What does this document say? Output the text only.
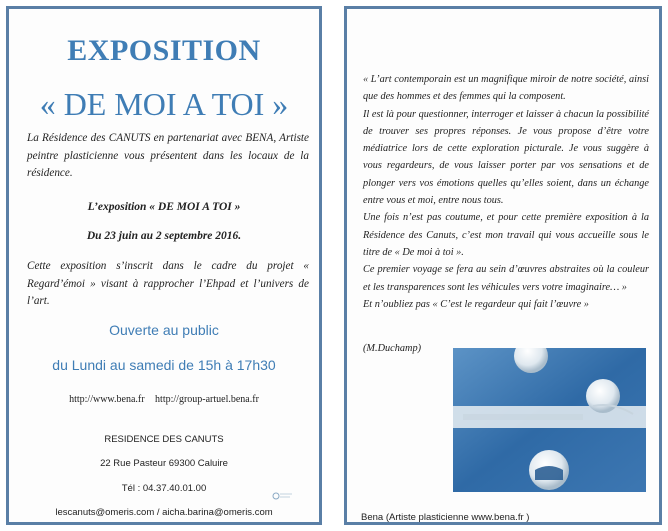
EXPOSITION
« DE MOI A TOI »
La Résidence des CANUTS en partenariat avec BENA, Artiste peintre plasticienne vous présentent dans les locaux de la résidence.
L’exposition « DE MOI A TOI »
Du 23 juin au 2 septembre 2016.
Cette exposition s’inscrit dans le cadre du projet « Regard’émoi » visant à rapprocher l’Ehpad et l’univers de l’art.
Ouverte au public
du Lundi au samedi de 15h à 17h30
http://www.bena.fr http://group-artuel.bena.fr
RESIDENCE DES CANUTS
22 Rue Pasteur 69300 Caluire
Tél : 04.37.40.01.00
lescanuts@omeris.com / aicha.barina@omeris.com

« L’art contemporain est un magnifique miroir de notre société, ainsi que des hommes et des femmes qui la composent.

Il est là pour questionner, interroger et laisser à chacun la possibilité de trouver ses propres réponses. Je vous propose d’être votre médiatrice lors de cette exploration picturale. Je vous suggère à vous regardeurs, de vous laisser porter par vos sensations et de plonger vers vos émotions quelles qu’elles soient, dans un échange entre vous et moi, entre nous tous.

Une fois n’est pas coutume, et pour cette première exposition à la Résidence des Canuts, c’est mon travail qui vous accueille sous le titre de « De moi à toi ».

Ce premier voyage se fera au sein d’œuvres abstraites où la couleur et les transparences sont les véhicules vers votre imaginaire… »

Et n’oubliez pas « C’est le regardeur qui fait l’œuvre »

(M.Duchamp)
Bena (Artiste plasticienne www.bena.fr )
